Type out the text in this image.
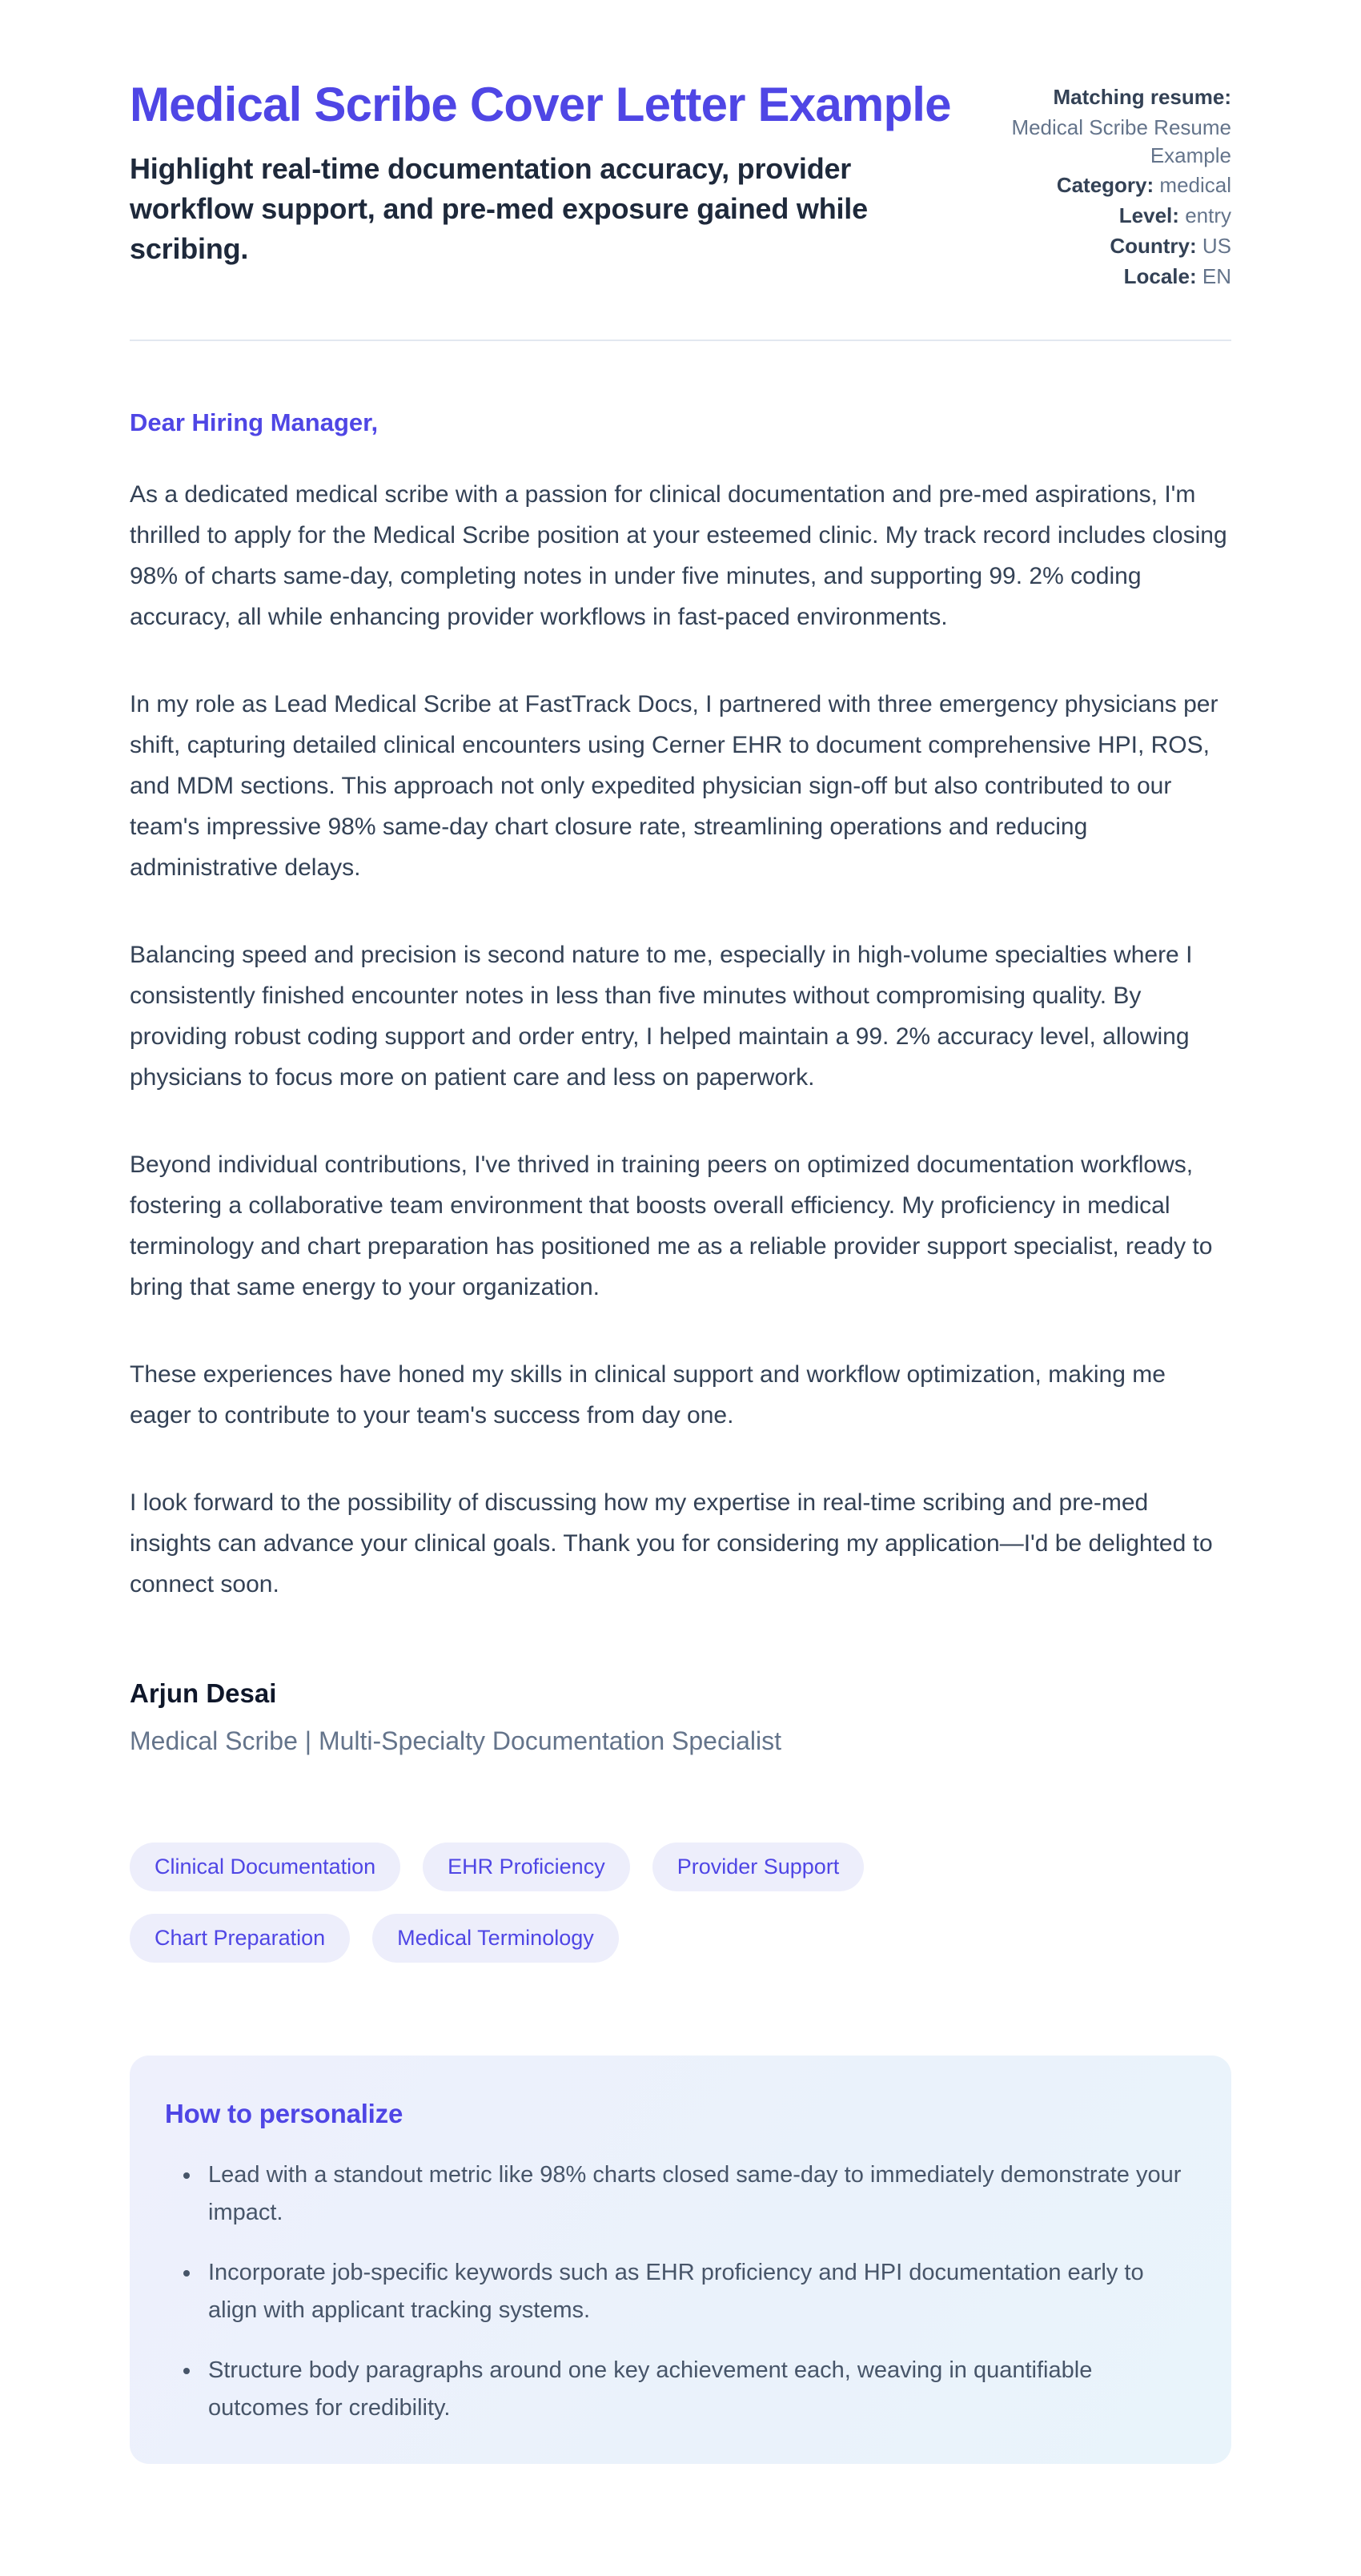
Medical Scribe Cover Letter Example

Highlight real-time documentation accuracy, provider workflow support, and pre-med exposure gained while scribing.

Matching resume:
Medical Scribe Resume Example
Category: medical
Level: entry
Country: US
Locale: EN

Dear Hiring Manager,

As a dedicated medical scribe with a passion for clinical documentation and pre-med aspirations, I'm thrilled to apply for the Medical Scribe position at your esteemed clinic. My track record includes closing 98% of charts same-day, completing notes in under five minutes, and supporting 99. 2% coding accuracy, all while enhancing provider workflows in fast-paced environments.

In my role as Lead Medical Scribe at FastTrack Docs, I partnered with three emergency physicians per shift, capturing detailed clinical encounters using Cerner EHR to document comprehensive HPI, ROS, and MDM sections. This approach not only expedited physician sign-off but also contributed to our team's impressive 98% same-day chart closure rate, streamlining operations and reducing administrative delays.

Balancing speed and precision is second nature to me, especially in high-volume specialties where I consistently finished encounter notes in less than five minutes without compromising quality. By providing robust coding support and order entry, I helped maintain a 99. 2% accuracy level, allowing physicians to focus more on patient care and less on paperwork.

Beyond individual contributions, I've thrived in training peers on optimized documentation workflows, fostering a collaborative team environment that boosts overall efficiency. My proficiency in medical terminology and chart preparation has positioned me as a reliable provider support specialist, ready to bring that same energy to your organization.

These experiences have honed my skills in clinical support and workflow optimization, making me eager to contribute to your team's success from day one.

I look forward to the possibility of discussing how my expertise in real-time scribing and pre-med insights can advance your clinical goals. Thank you for considering my application—I'd be delighted to connect soon.

Arjun Desai

Medical Scribe | Multi-Specialty Documentation Specialist

Clinical Documentation	EHR Proficiency	Provider Support
Chart Preparation	Medical Terminology
How to personalize
• Lead with a standout metric like 98% charts closed same-day to immediately demonstrate your impact.
• Incorporate job-specific keywords such as EHR proficiency and HPI documentation early to align with applicant tracking systems.
• Structure body paragraphs around one key achievement each, weaving in quantifiable outcomes for credibility.
